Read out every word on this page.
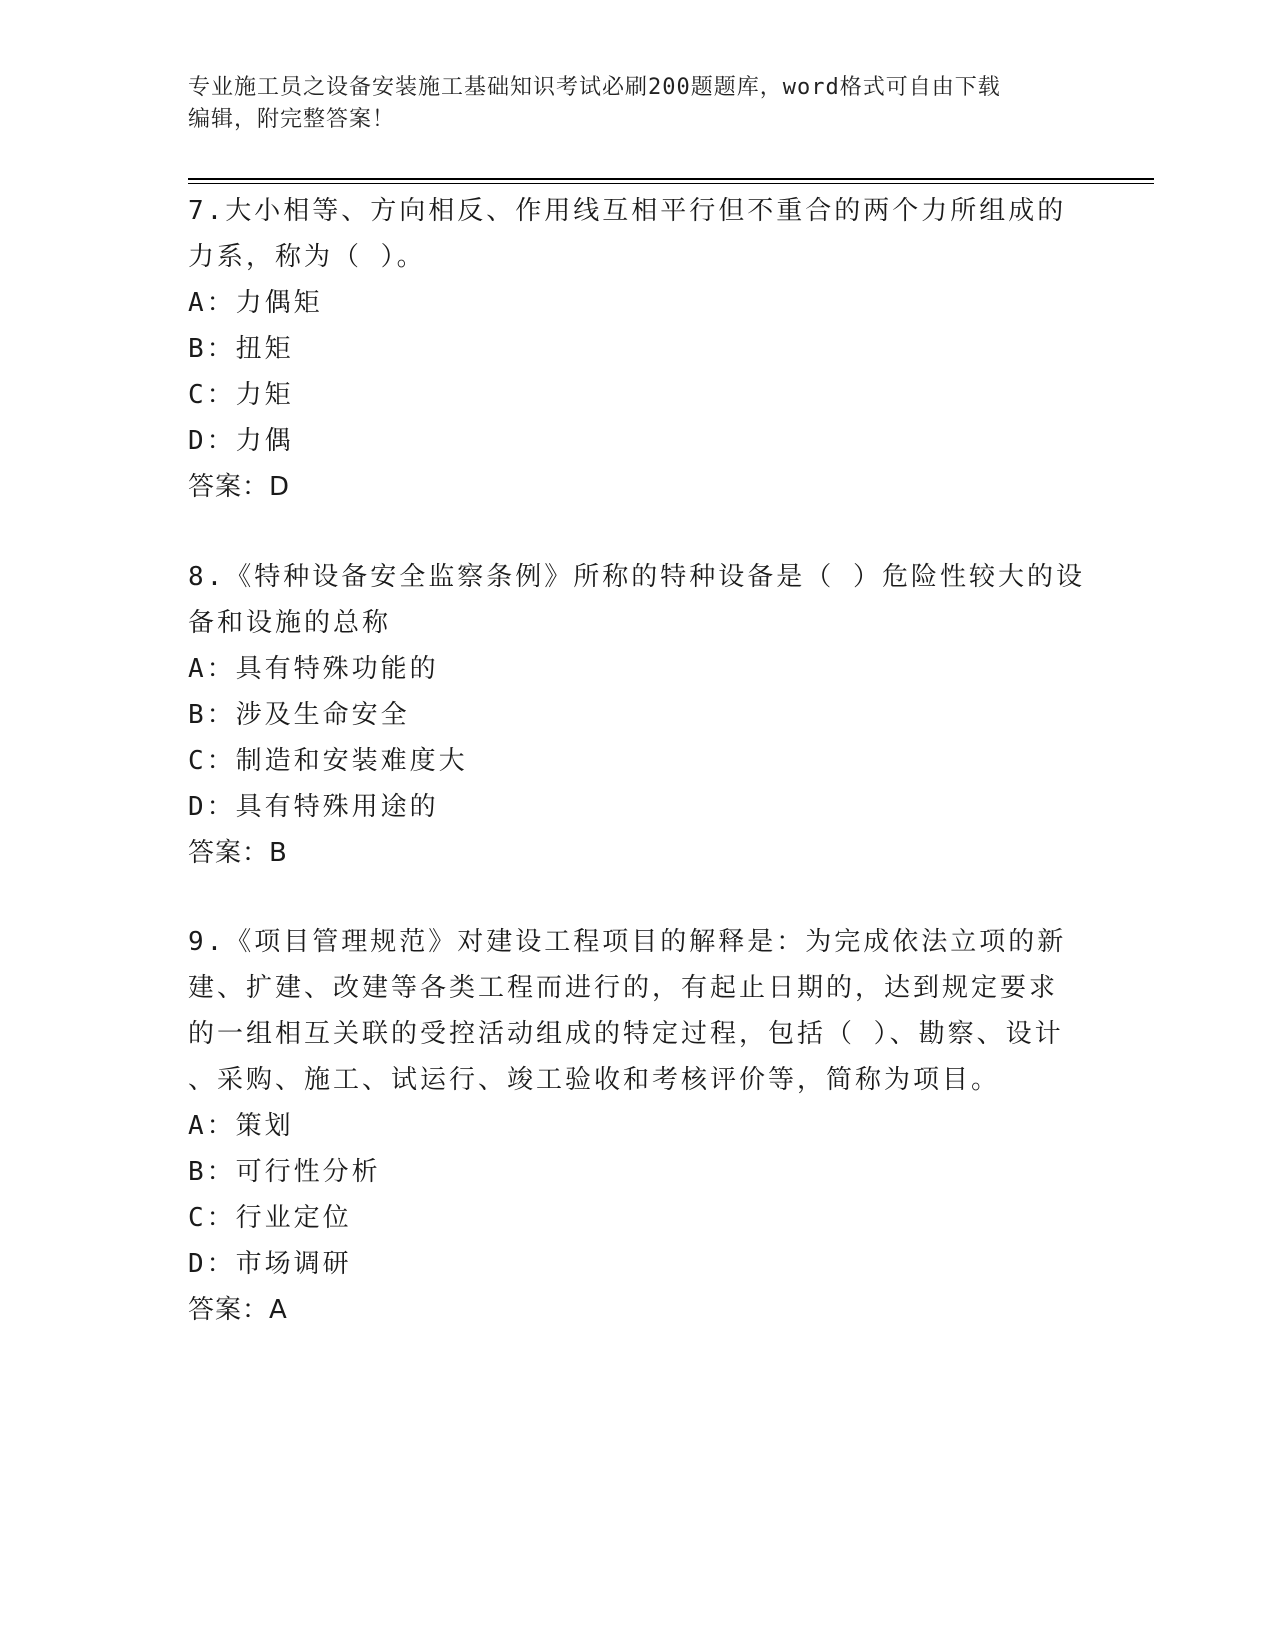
专业施工员之设备安装施工基础知识考试必刷200题题库，word格式可自由下载
编辑，附完整答案！

7.大小相等、方向相反、作用线互相平行但不重合的两个力所组成的

力系，称为（ ）。

A：力偶矩

B：扭矩

C：力矩

D：力偶

答案：D

8.《特种设备安全监察条例》所称的特种设备是（ ）危险性较大的设

备和设施的总称

A：具有特殊功能的

B：涉及生命安全

C：制造和安装难度大

D：具有特殊用途的

答案：B

9.《项目管理规范》对建设工程项目的解释是：为完成依法立项的新

建、扩建、改建等各类工程而进行的，有起止日期的，达到规定要求

的一组相互关联的受控活动组成的特定过程，包括（ ）、勘察、设计

、采购、施工、试运行、竣工验收和考核评价等，简称为项目。

A：策划

B：可行性分析

C：行业定位

D：市场调研

答案：A
